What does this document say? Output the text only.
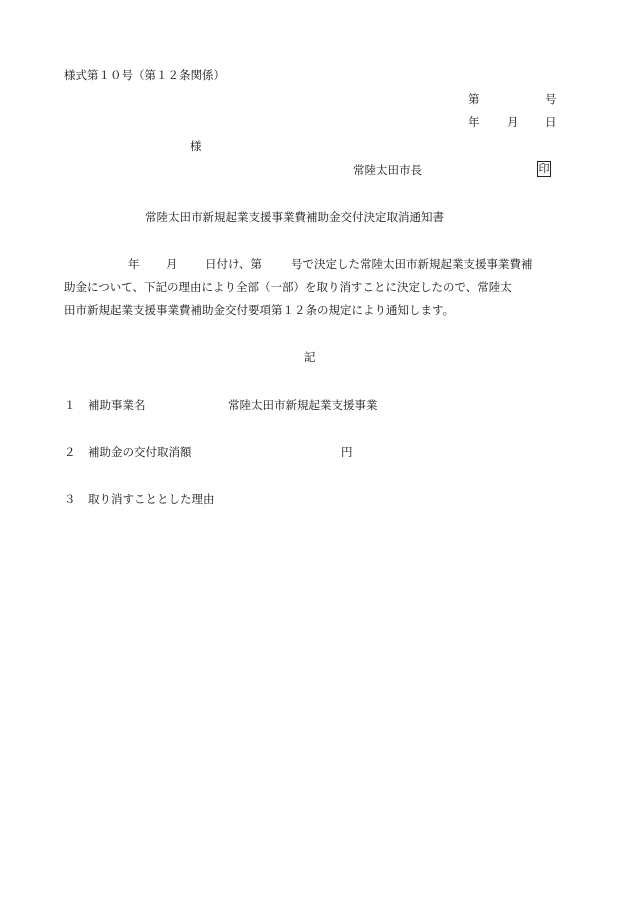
様式第１０号（第１２条関係）
第	号
年 月 日
様
常陸太田市長	印
常陸太田市新規起業支援事業費補助金交付決定取消通知書
年 月 日付け、第	号で決定した常陸太田市新規起業支援事業費補
助金について、下記の理由により全部（一部）を取り消すことに決定したので、常陸太
田市新規起業支援事業費補助金交付要項第１２条の規定により通知します。
記
１ 補助事業名	常陸太田市新規起業支援事業
２ 補助金の交付取消額	円
３ 取り消すこととした理由
